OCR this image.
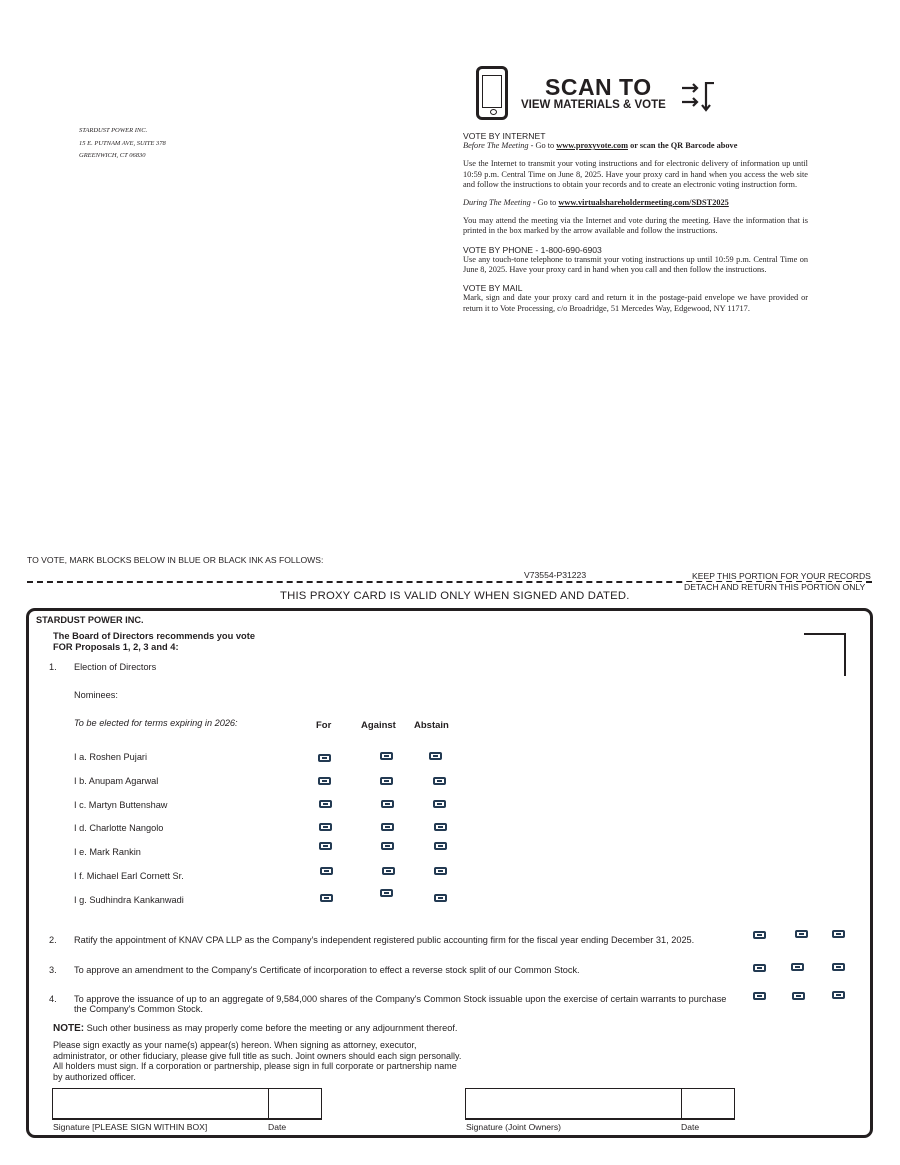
STARDUST POWER INC.
15 E. PUTNAM AVE, SUITE 378
GREENWICH, CT 06830
SCAN TO
VIEW MATERIALS & VOTE
VOTE BY INTERNET

Before The Meeting - Go to www.proxyvote.com or scan the QR Barcode above

Use the Internet to transmit your voting instructions and for electronic delivery of information up until 10:59 p.m. Central Time on June 8, 2025. Have your proxy card in hand when you access the web site and follow the instructions to obtain your records and to create an electronic voting instruction form.

During The Meeting - Go to www.virtualshareholdermeeting.com/SDST2025

You may attend the meeting via the Internet and vote during the meeting. Have the information that is printed in the box marked by the arrow available and follow the instructions.

VOTE BY PHONE - 1-800-690-6903

Use any touch-tone telephone to transmit your voting instructions up until 10:59 p.m. Central Time on June 8, 2025. Have your proxy card in hand when you call and then follow the instructions.

VOTE BY MAIL

Mark, sign and date your proxy card and return it in the postage-paid envelope we have provided or return it to Vote Processing, c/o Broadridge, 51 Mercedes Way, Edgewood, NY 11717.

TO VOTE, MARK BLOCKS BELOW IN BLUE OR BLACK INK AS FOLLOWS:
V73554-P31223	KEEP THIS PORTION FOR YOUR RECORDS
DETACH AND RETURN THIS PORTION ONLY
THIS PROXY CARD IS VALID ONLY WHEN SIGNED AND DATED.
STARDUST POWER INC.
The Board of Directors recommends you vote
FOR Proposals 1, 2, 3 and 4:
1. Election of Directors
Nominees:
To be elected for terms expiring in 2026:	For	Against Abstain
I a. Roshen Pujari
I b. Anupam Agarwal
I c. Martyn Buttenshaw
I d. Charlotte Nangolo
I e. Mark Rankin
I f. Michael Earl Cornett Sr.
I g. Sudhindra Kankanwadi
2. Ratify the appointment of KNAV CPA LLP as the Company's independent registered public accounting firm for the fiscal year ending December 31, 2025.
3. To approve an amendment to the Company's Certificate of incorporation to effect a reverse stock split of our Common Stock.
4. To approve the issuance of up to an aggregate of 9,584,000 shares of the Company's Common Stock issuable upon the exercise of certain warrants to purchase the Company's Common Stock.
NOTE: Such other business as may properly come before the meeting or any adjournment thereof.
Please sign exactly as your name(s) appear(s) hereon. When signing as attorney, executor, administrator, or other fiduciary, please give full title as such. Joint owners should each sign personally. All holders must sign. If a corporation or partnership, please sign in full corporate or partnership name by authorized officer.
Signature [PLEASE SIGN WITHIN BOX]	Date	Signature (Joint Owners)	Date
